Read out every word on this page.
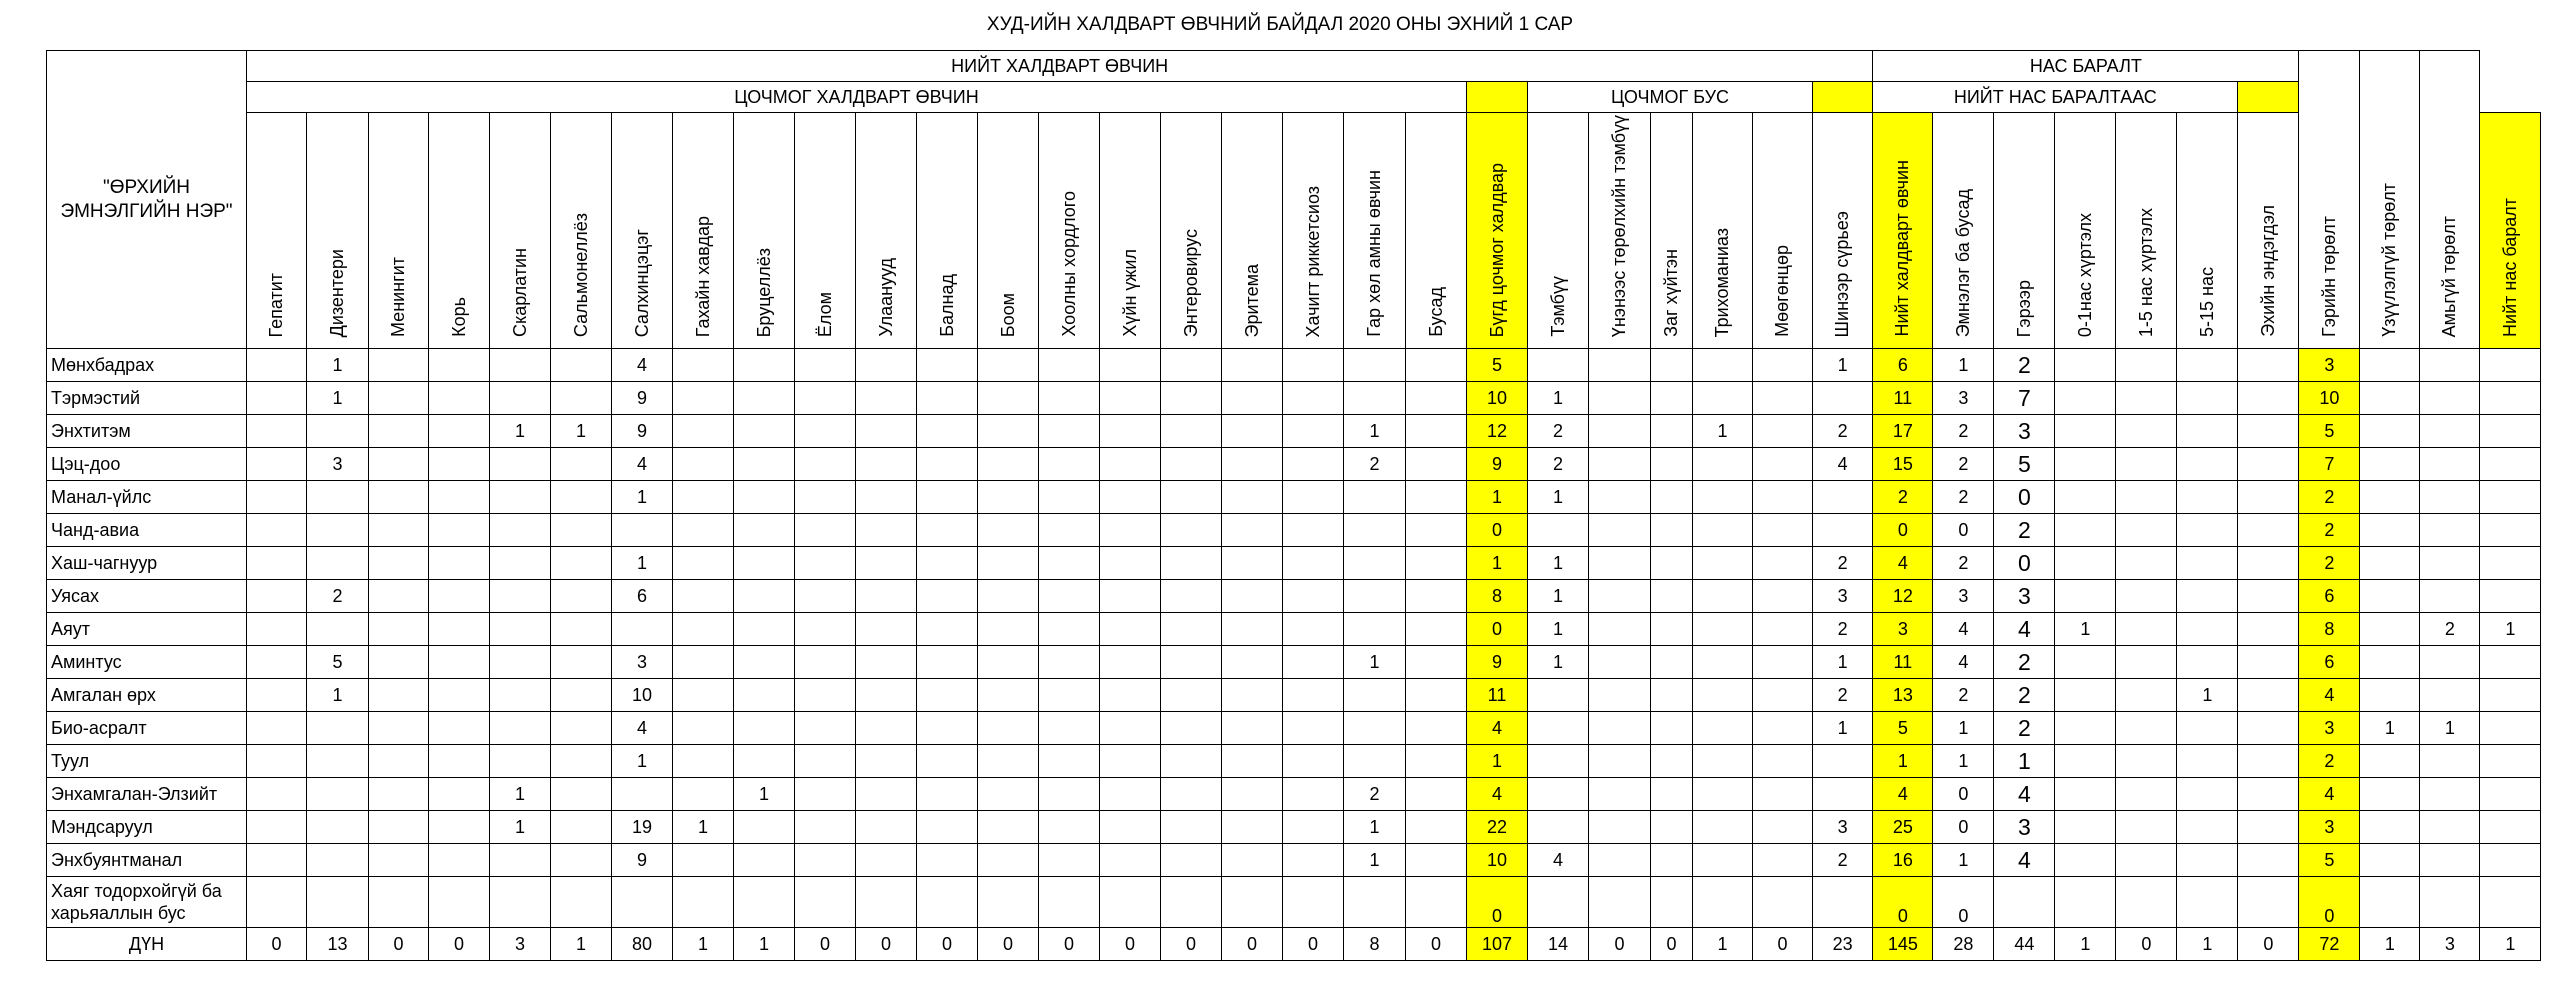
ХУД-ИЙН ХАЛДВАРТ ӨВЧНИЙ БАЙДАЛ 2020 ОНЫ ЭХНИЙ 1 САР
"ӨРХИЙН ЭМНЭЛГИЙН НЭР"	НИЙТ ХАЛДВАРТ ӨВЧИН																											НАС БАРАЛТ							Гэрийн төрөлт	Үзүүлэлгүй төрөлт	Амьгүй төрөлт	
	ЦОЧМОГ ХАЛДВАРТ ӨВЧИН																					ЦОЧМОГ БУС						НИЙТ НАС БАРАЛТААС										
	Гепатит	Дизентери	Менингит	Корь	Скарлатин	Сальмонеллёз	Салхинцэцэг	Гахайн хавдар	Бруцеллёз	Ёлом	Улаанууд	Балнад	Боом	Хоолны хордлого	Хүйн үжил	Энтеровирус	Эритема	Хачигт риккетсиоз	Гар хөл амны өвчин	Бусад	Бүгд цочмог халдвар	Тэмбүү	Үнэнээс төрөлхийн тэмбүү	Заг хүйтэн	Трихоманиаз	Мөөгөнцөр	Шинээр сүрьеэ	Нийт халдварт өвчин	Эмнэлэг ба бусад	Гэрээр	0-1нас хүртэлх	1-5 нас хүртэлх	5-15 нас	Эхийн эндэгдэл				Нийт нас баралт
Мөнхбадрах		1					4														5						1	6	1	2					3			
Тэрмэстий		1					9														10	1						11	3	7					10			
Энхтитэм					1	1	9												1		12	2			1		2	17	2	3					5			
Цэц-доо		3					4												2		9	2					4	15	2	5					7			
Манал-үйлс							1														1	1						2	2	0					2			
Чанд-авиа																					0							0	0	2					2			
Хаш-чагнуур							1														1	1					2	4	2	0					2			
Уясах		2					6														8	1					3	12	3	3					6			
Аяут																					0	1					2	3	4	4	1				8		2	1
Аминтус		5					3												1		9	1					1	11	4	2					6			
Амгалан өрх		1					10														11						2	13	2	2			1		4			
Био-асралт							4														4						1	5	1	2					3	1	1	
Туул							1														1							1	1	1					2			
Энхамгалан-Элзийт					1				1										2		4							4	0	4					4			
Мэндсаруул					1		19	1											1		22						3	25	0	3					3			
Энхбуянтманал							9												1		10	4					2	16	1	4					5			
Хаяг тодорхойгүй ба харьяаллын бус																					0							0	0						0			
ДҮН	0	13	0	0	3	1	80	1	1	0	0	0	0	0	0	0	0	0	8	0	107	14	0	0	1	0	23	145	28	44	1	0	1	0	72	1	3	1
